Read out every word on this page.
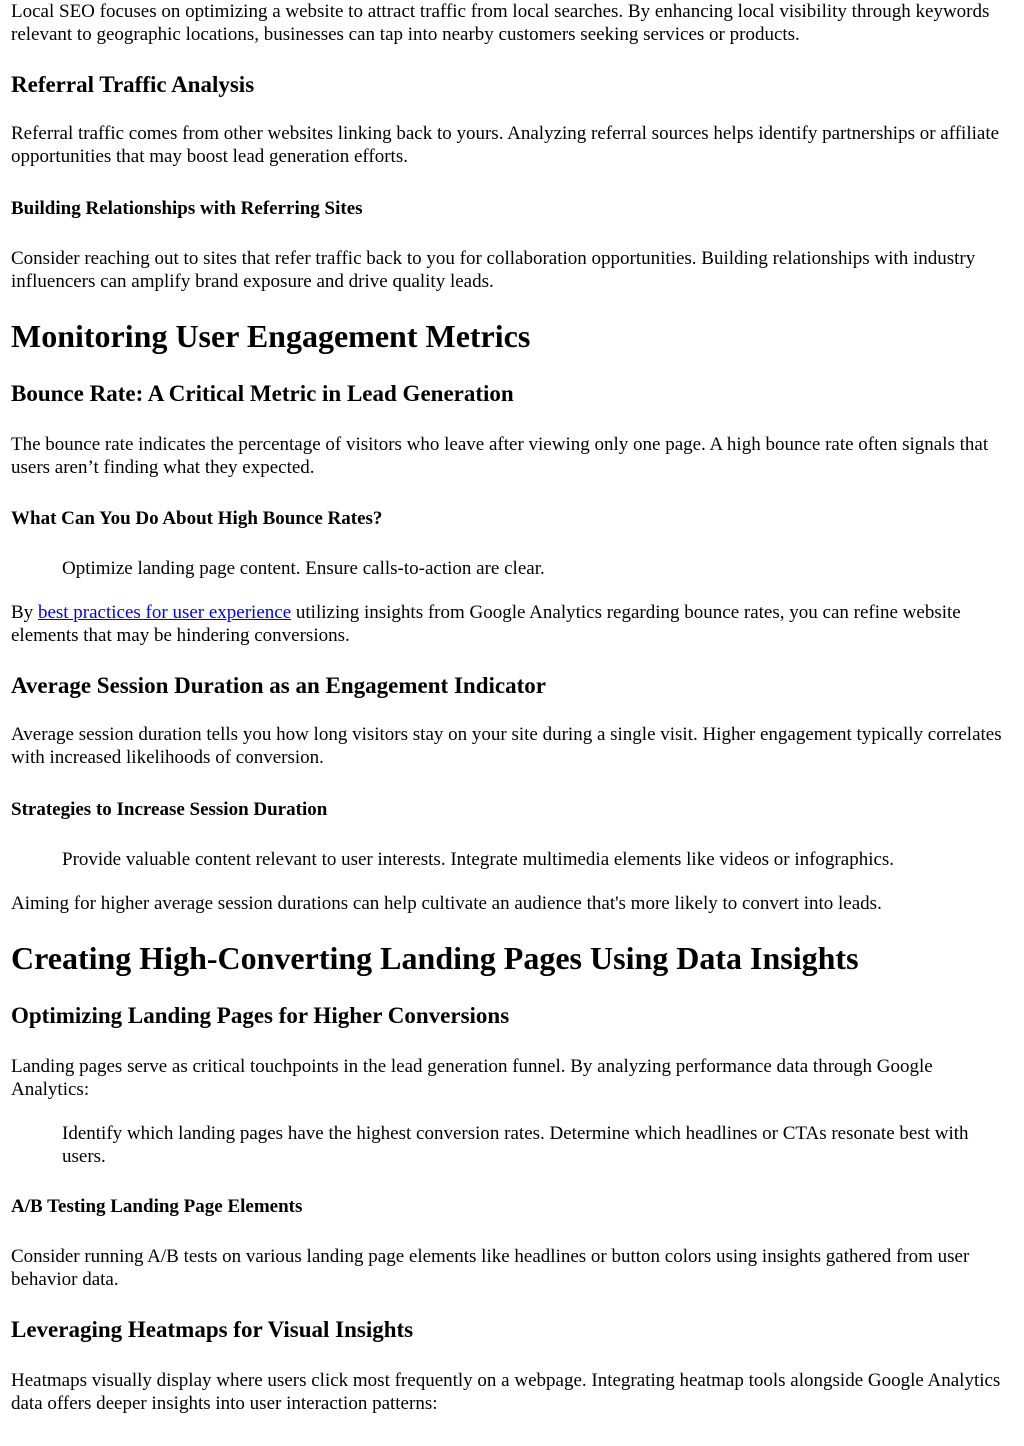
Local SEO focuses on optimizing a website to attract traffic from local searches. By enhancing local visibility through keywords relevant to geographic locations, businesses can tap into nearby customers seeking services or products.

Referral Traffic Analysis

Referral traffic comes from other websites linking back to yours. Analyzing referral sources helps identify partnerships or affiliate opportunities that may boost lead generation efforts.

Building Relationships with Referring Sites

Consider reaching out to sites that refer traffic back to you for collaboration opportunities. Building relationships with industry influencers can amplify brand exposure and drive quality leads.

Monitoring User Engagement Metrics
Bounce Rate: A Critical Metric in Lead Generation

The bounce rate indicates the percentage of visitors who leave after viewing only one page. A high bounce rate often signals that users aren’t finding what they expected.

What Can You Do About High Bounce Rates?

Optimize landing page content. Ensure calls-to-action are clear.

By best practices for user experience utilizing insights from Google Analytics regarding bounce rates, you can refine website elements that may be hindering conversions.

Average Session Duration as an Engagement Indicator

Average session duration tells you how long visitors stay on your site during a single visit. Higher engagement typically correlates with increased likelihoods of conversion.

Strategies to Increase Session Duration

Provide valuable content relevant to user interests. Integrate multimedia elements like videos or infographics.

Aiming for higher average session durations can help cultivate an audience that's more likely to convert into leads.

Creating High-Converting Landing Pages Using Data Insights
Optimizing Landing Pages for Higher Conversions

Landing pages serve as critical touchpoints in the lead generation funnel. By analyzing performance data through Google Analytics:

Identify which landing pages have the highest conversion rates. Determine which headlines or CTAs resonate best with users.

A/B Testing Landing Page Elements

Consider running A/B tests on various landing page elements like headlines or button colors using insights gathered from user behavior data.

Leveraging Heatmaps for Visual Insights

Heatmaps visually display where users click most frequently on a webpage. Integrating heatmap tools alongside Google Analytics data offers deeper insights into user interaction patterns:
